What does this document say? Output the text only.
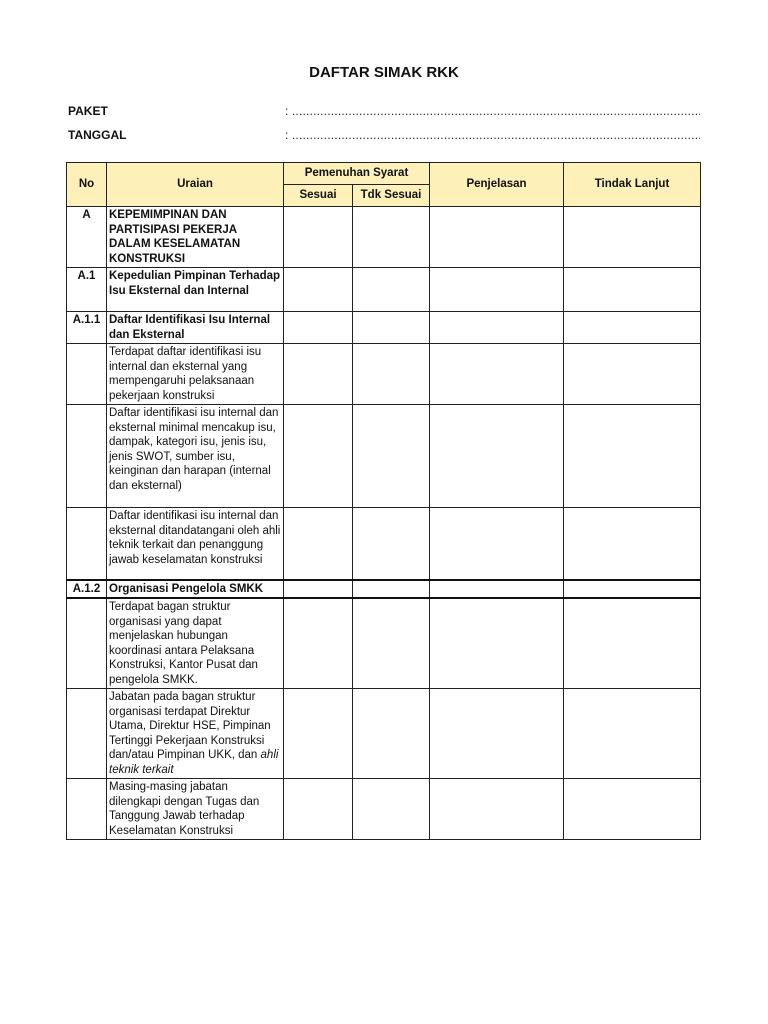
DAFTAR SIMAK RKK
PAKET	: .....
TANGGAL	: .....
No	Uraian	Pemenuhan Syarat		Penjelasan	Tindak Lanjut
		Sesuai	Tdk Sesuai		
A	KEPEMIMPINAN DAN PARTISIPASI PEKERJA DALAM KESELAMATAN KONSTRUKSI				
A.1	Kepedulian Pimpinan Terhadap Isu Eksternal dan Internal				
A.1.1	Daftar Identifikasi Isu Internal dan Eksternal				
	Terdapat daftar identifikasi isu internal dan eksternal yang mempengaruhi pelaksanaan pekerjaan konstruksi				
	Daftar identifikasi isu internal dan eksternal minimal mencakup isu, dampak, kategori isu, jenis isu, jenis SWOT, sumber isu, keinginan dan harapan (internal dan eksternal)				
	Daftar identifikasi isu internal dan eksternal ditandatangani oleh ahli teknik terkait dan penanggung jawab keselamatan konstruksi				
A.1.2	Organisasi Pengelola SMKK				
	Terdapat bagan struktur organisasi yang dapat menjelaskan hubungan koordinasi antara Pelaksana Konstruksi, Kantor Pusat dan pengelola SMKK.				
	Jabatan pada bagan struktur organisasi terdapat Direktur Utama, Direktur HSE, Pimpinan Tertinggi Pekerjaan Konstruksi dan/atau Pimpinan UKK, dan ahli teknik terkait				
	Masing-masing jabatan dilengkapi dengan Tugas dan Tanggung Jawab terhadap Keselamatan Konstruksi				
